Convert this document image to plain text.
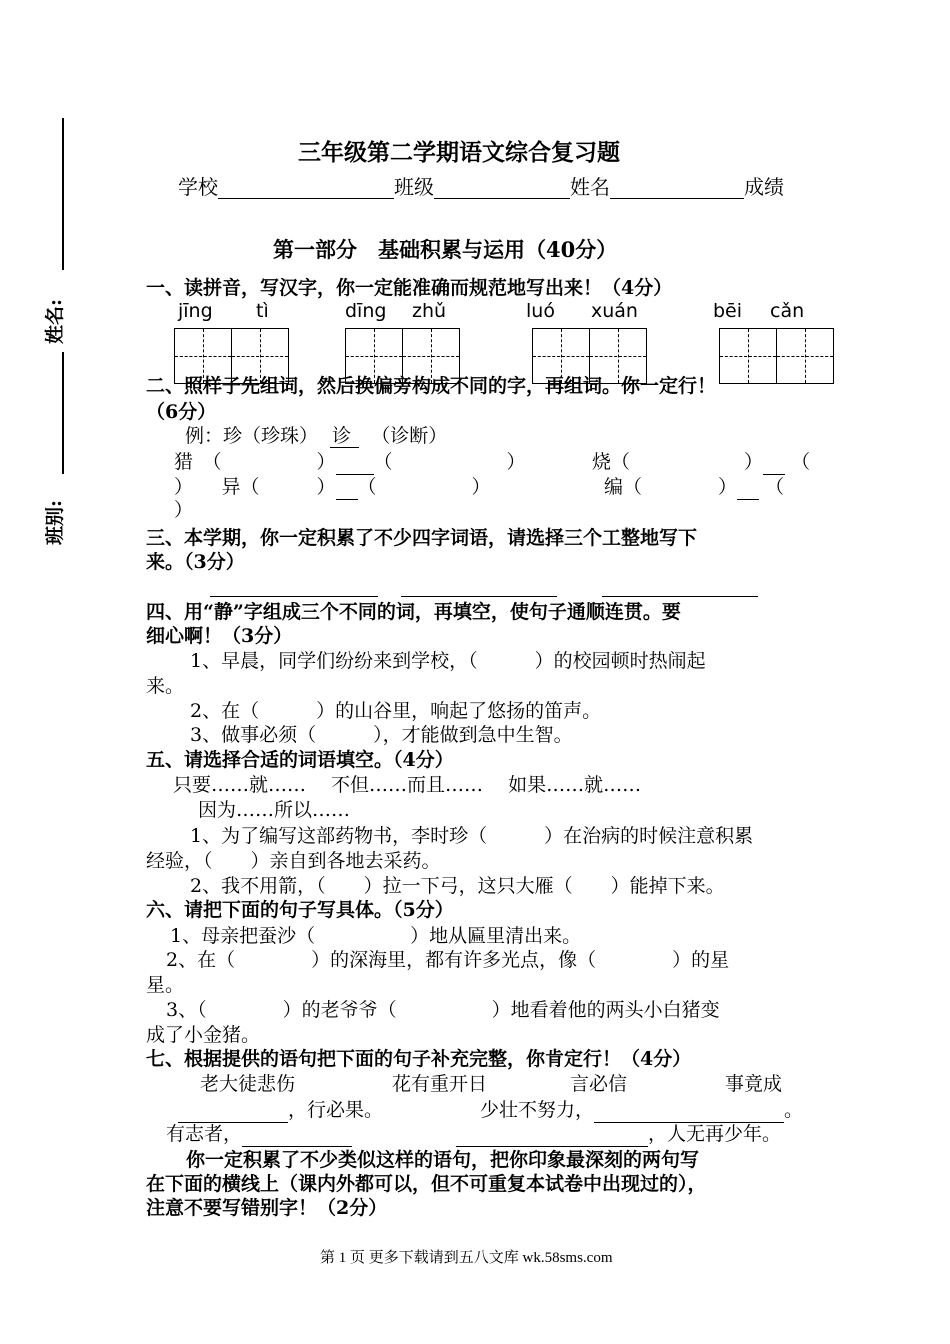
姓名:
班别:
三年级第二学期语文综合复习题
学校	班级	姓名	成绩
第一部分　基础积累与运用（40分）
一、读拼音，写汉字，你一定能准确而规范地写出来！（4分）
jīng tì	dīng zhǔ	luó xuán	bēi cǎn
二、照样子先组词，然后换偏旁构成不同的字，再组词。你一定行！
（6分）
例：珍（珍珠） 诊 （诊断）
猎　（　　　　　） （　　　　　　）	烧（　　　　　　） （
）　　异（　　　） （　　　　　）	编（　　　　） （
）
三、本学期，你一定积累了不少四字词语，请选择三个工整地写下
来。（3分）
四、用“静”字组成三个不同的词，再填空，使句子通顺连贯。要
细心啊！（3分）
1、早晨，同学们纷纷来到学校，（　　　）的校园顿时热闹起
来。
2、在（　　　）的山谷里，响起了悠扬的笛声。
3、做事必须（　　　），才能做到急中生智。
五、请选择合适的词语填空。（4分）
只要……就……　 不但……而且……　 如果……就……
因为……所以……
1、为了编写这部药物书，李时珍（　　　）在治病的时候注意积累
经验，（　　）亲自到各地去采药。
2、我不用箭，（　　）拉一下弓，这只大雁（　　）能掉下来。
六、请把下面的句子写具体。（5分）
1、母亲把蚕沙（　　　　　）地从匾里清出来。
2、在（　　　　）的深海里，都有许多光点，像（　　　　）的星
星。
3、（　　　　）的老爷爷（　　　　　）地看着他的两头小白猪变
成了小金猪。
七、根据提供的语句把下面的句子补充完整，你肯定行！（4分）
老大徒悲伤	花有重开日	言必信	事竟成
，行必果。	少壮不努力，	。
有志者，	，人无再少年。
你一定积累了不少类似这样的语句，把你印象最深刻的两句写
在下面的横线上（课内外都可以，但不可重复本试卷中出现过的），
注意不要写错别字！（2分）
第 1 页 更多下载请到五八文库 wk.58sms.com
